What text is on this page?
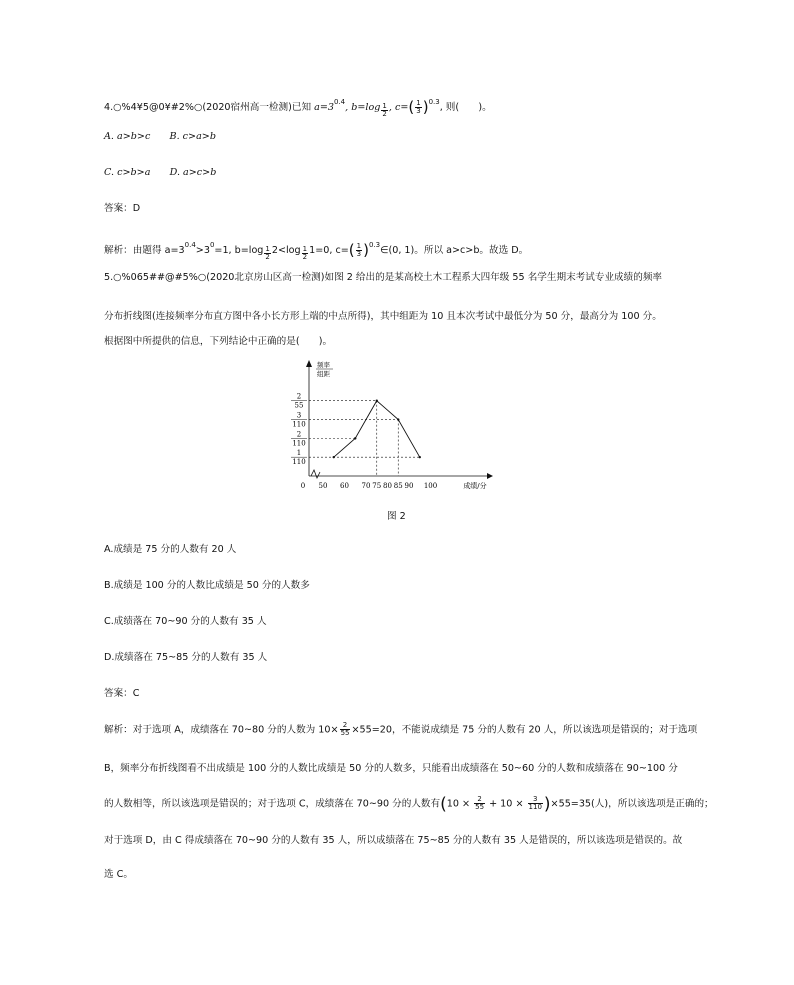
4.○%4¥5@0¥#2%○(2020宿州高一检测)已知 $a=3^{0.4}$, b=log $_{\frac{1}{2}}$ , $c=( \frac{1}{3} )^{0.3}$, 则(　　)。
A. a>b>c　　B. c>a>b
C. c>b>a　　D. a>c>b
答案：D
解析：由题得 $a=3^{0.4}>3^0=1$, b=log $_{\frac{1}{2}}$ 2<log $_{\frac{1}{2}}$ 1=0, $c=( \frac{1}{3}$ )$^{0.3}\in(0$, 1)。所以 a>c>b。故选 D。
5.○%065##@#5%○(2020北京房山区高一检测)如图 2 给出的是某高校土木工程系大四年级 55 名学生期末考试专业成绩的频率
分布折线图(连接频率分布直方图中各小长方形上端的中点所得)，其中组距为 10 且本次考试中最低分为 50 分，最高分为 100 分。
根据图中所提供的信息，下列结论中正确的是(　　)。
频率
组距
2
55
3
110
2
110
1
110
0 50 60 70 75 80 85 90 100	成绩/分
图 2
A.成绩是 75 分的人数有 20 人
B.成绩是 100 分的人数比成绩是 50 分的人数多
C.成绩落在 70~90 分的人数有 35 人
D.成绩落在 75~85 分的人数有 35 人
答案：C
解析：对于选项 A，成绩落在 70~80 分的人数为 $10\times \frac{2}{55} \times 55=20$，不能说成绩是 75 分的人数有 20 人，所以该选项是错误的；对于选项
B，频率分布折线图看不出成绩是 100 分的人数比成绩是 50 分的人数多，只能看出成绩落在 50~60 分的人数和成绩落在 90~100 分
的人数相等，所以该选项是错误的；对于选项 C，成绩落在 70~90 分的人数有$(10 \times \frac{2}{55} + 10 \times \frac{3}{110} )\times 55=35$(人)，所以该选项是正确的；
对于选项 D，由 C 得成绩落在 70~90 分的人数有 35 人，所以成绩落在 75~85 分的人数有 35 人是错误的，所以该选项是错误的。故
选 C。
